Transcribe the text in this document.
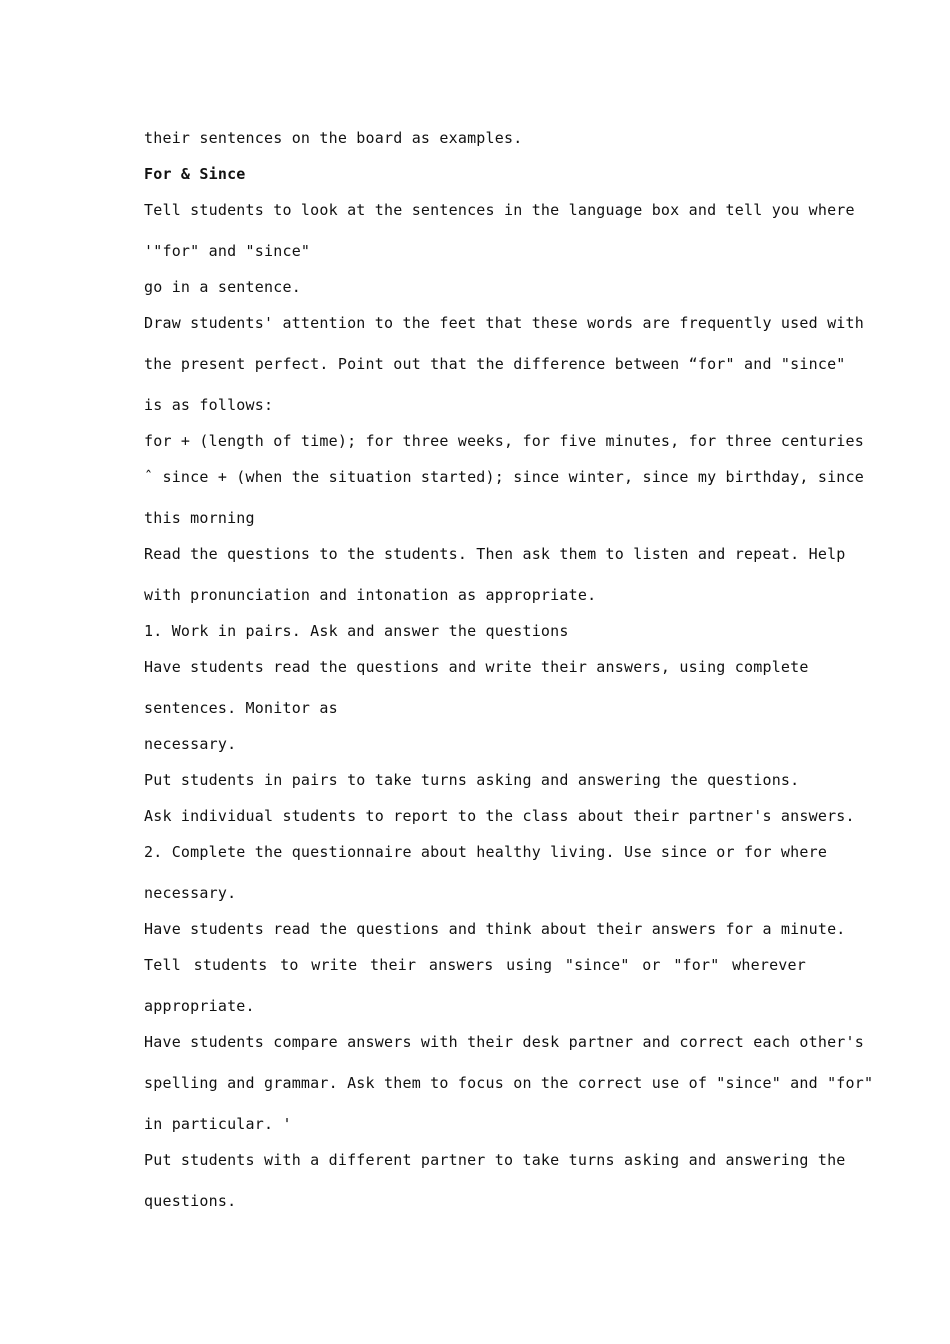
their sentences on the board as examples.
For & Since
Tell students to look at the sentences in the language box and tell you where
'"for" and "since"
go in a sentence.
Draw students' attention to the feet that these words are frequently used with
the present perfect. Point out that the difference between “for" and "since"
is as follows:
for + (length of time); for three weeks, for five minutes, for three centuries
ˆ since + (when the situation started); since winter, since my birthday, since
this morning
Read the questions to the students. Then ask them to listen and repeat. Help
with pronunciation and intonation as appropriate.
1. Work in pairs. Ask and answer the questions
Have students read the questions and write their answers, using complete
sentences. Monitor as
necessary.
Put students in pairs to take turns asking and answering the questions.
Ask individual students to report to the class about their partner's answers.
2. Complete the questionnaire about healthy living. Use since or for where
necessary.
Have students read the questions and think about their answers for a minute.
Tell students to write their answers using "since" or "for" wherever
appropriate.
Have students compare answers with their desk partner and correct each other's
spelling and grammar. Ask them to focus on the correct use of "since" and "for"
in particular. '
Put students with a different partner to take turns asking and answering the
questions.
